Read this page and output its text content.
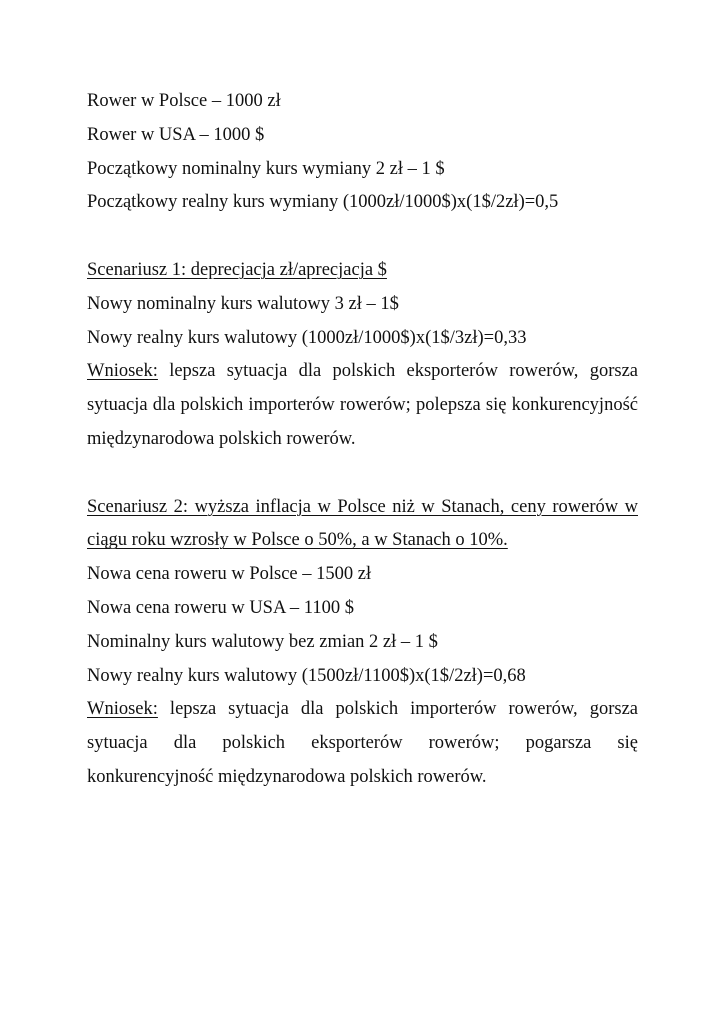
Rower w Polsce – 1000 zł
Rower w USA – 1000 $
Początkowy nominalny kurs wymiany 2 zł – 1 $
Początkowy realny kurs wymiany (1000zł/1000$)x(1$/2zł)=0,5
Scenariusz 1: deprecjacja zł/aprecjacja $
Nowy nominalny kurs walutowy 3 zł – 1$
Nowy realny kurs walutowy (1000zł/1000$)x(1$/3zł)=0,33

Wniosek: lepsza sytuacja dla polskich eksporterów rowerów, gorsza sytuacja dla polskich importerów rowerów; polepsza się konkurencyjność międzynarodowa polskich rowerów.

Scenariusz 2: wyższa inflacja w Polsce niż w Stanach, ceny rowerów w ciągu roku wzrosły w Polsce o 50%, a w Stanach o 10%.

Nowa cena roweru w Polsce – 1500 zł
Nowa cena roweru w USA – 1100 $
Nominalny kurs walutowy bez zmian 2 zł – 1 $
Nowy realny kurs walutowy (1500zł/1100$)x(1$/2zł)=0,68

Wniosek: lepsza sytuacja dla polskich importerów rowerów, gorsza sytuacja dla polskich eksporterów rowerów; pogarsza się konkurencyjność międzynarodowa polskich rowerów.
